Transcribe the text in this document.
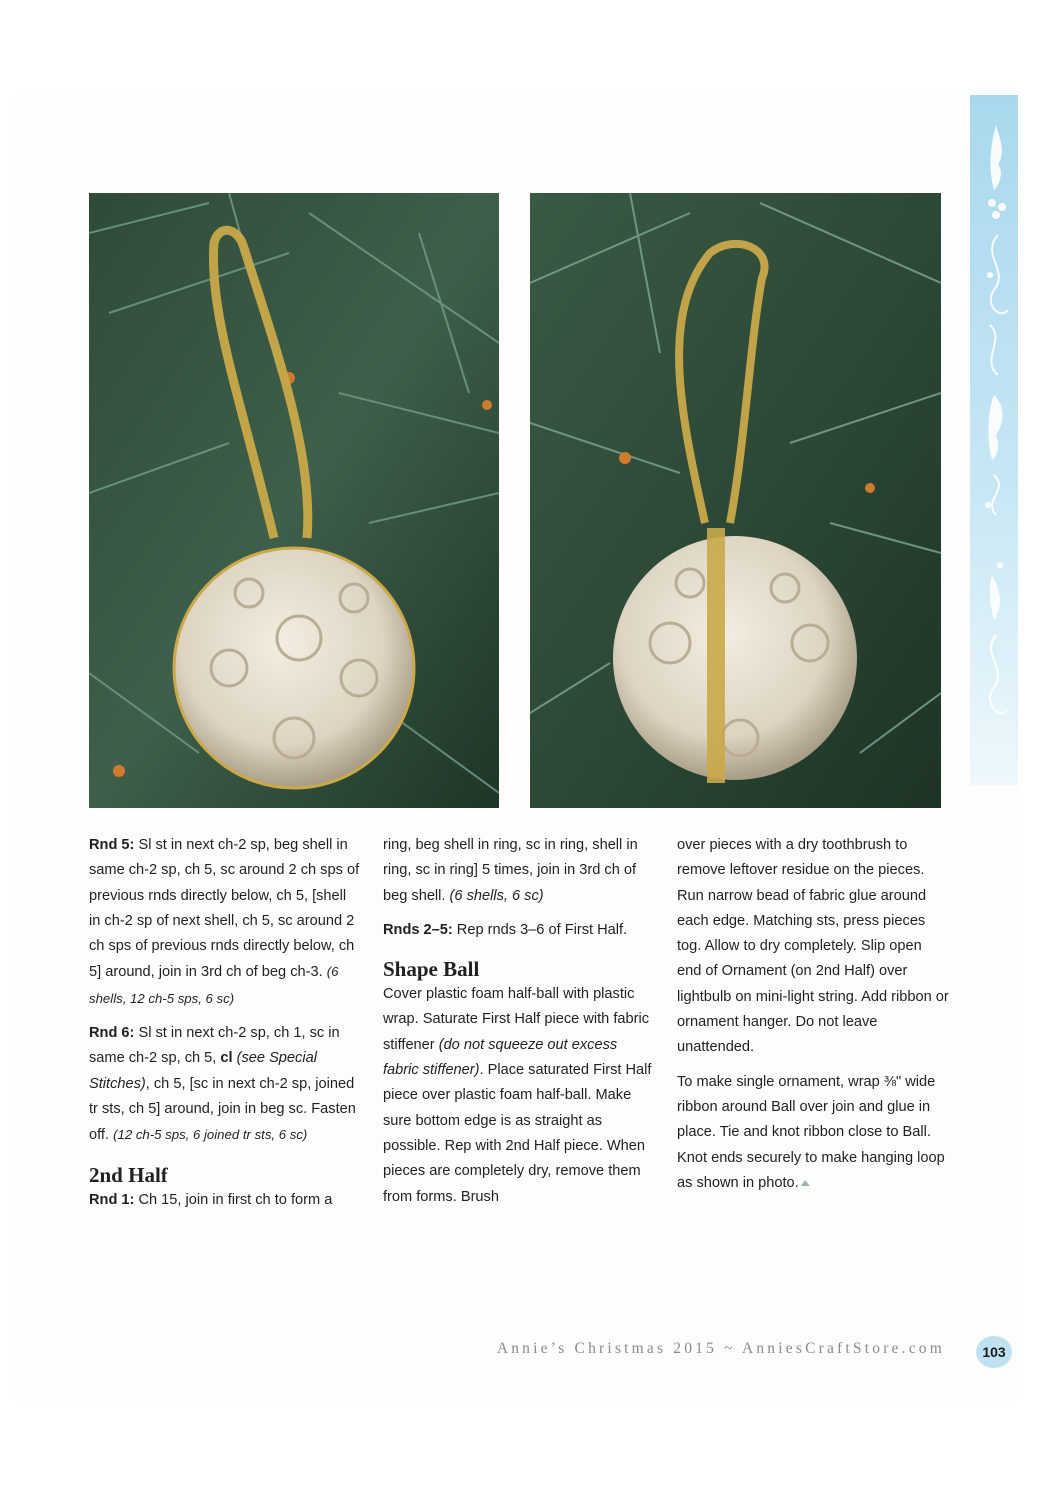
Rnd 5: Sl st in next ch-2 sp, beg shell in same ch-2 sp, ch 5, sc around 2 ch sps of previous rnds directly below, ch 5, [shell in ch-2 sp of next shell, ch 5, sc around 2 ch sps of previous rnds directly below, ch 5] around, join in 3rd ch of beg ch-3. (6 shells, 12 ch-5 sps, 6 sc)

Rnd 6: Sl st in next ch-2 sp, ch 1, sc in same ch-2 sp, ch 5, cl (see Special Stitches), ch 5, [sc in next ch-2 sp, joined tr sts, ch 5] around, join in beg sc. Fasten off. (12 ch-5 sps, 6 joined tr sts, 6 sc)

2nd Half

Rnd 1: Ch 15, join in first ch to form a

ring, beg shell in ring, sc in ring, shell in ring, sc in ring] 5 times, join in 3rd ch of beg shell. (6 shells, 6 sc)

Rnds 2–5: Rep rnds 3–6 of First Half.

Shape Ball

Cover plastic foam half-ball with plastic wrap. Saturate First Half piece with fabric stiffener (do not squeeze out excess fabric stiffener). Place saturated First Half piece over plastic foam half-ball. Make sure bottom edge is as straight as possible. Rep with 2nd Half piece. When pieces are completely dry, remove them from forms. Brush

over pieces with a dry toothbrush to remove leftover residue on the pieces. Run narrow bead of fabric glue around each edge. Matching sts, press pieces tog. Allow to dry completely. Slip open end of Ornament (on 2nd Half) over lightbulb on mini-light string. Add ribbon or ornament hanger. Do not leave unattended.

To make single ornament, wrap ⅜" wide ribbon around Ball over join and glue in place. Tie and knot ribbon close to Ball. Knot ends securely to make hanging loop as shown in photo.

Annie’s Christmas 2015 ~ AnniesCraftStore.com	103
